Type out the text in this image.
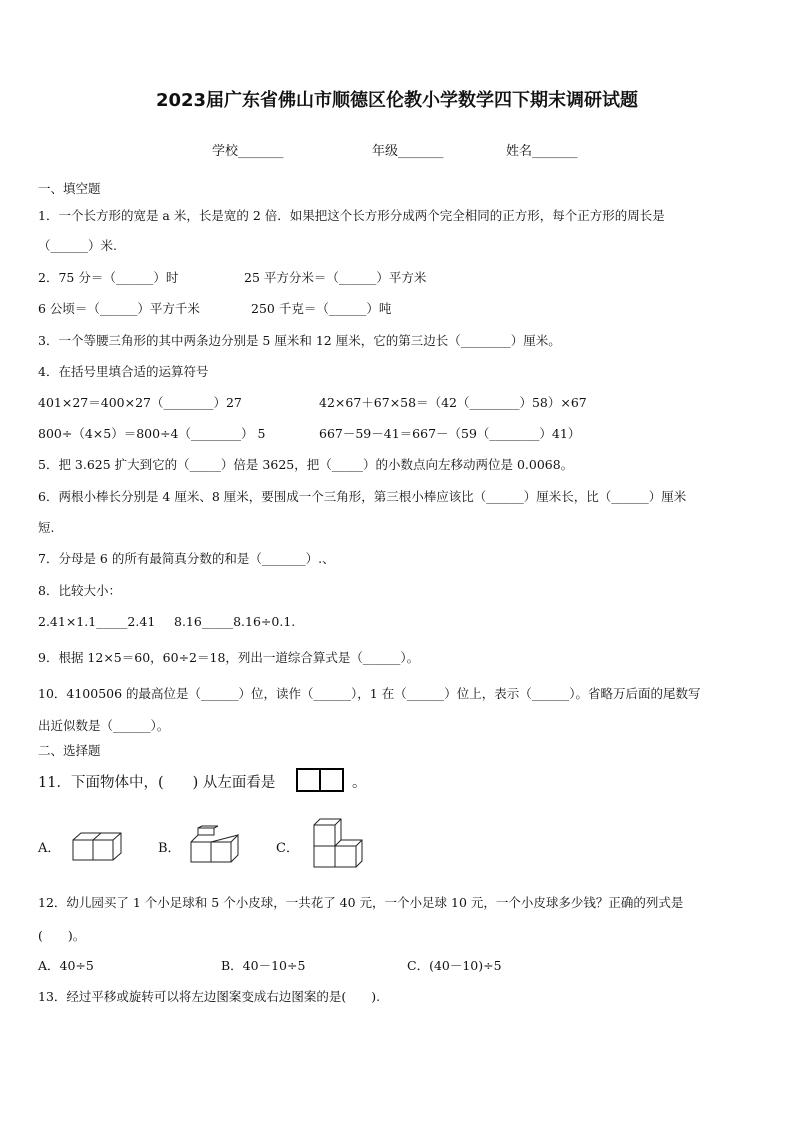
2023届广东省佛山市顺德区伦教小学数学四下期末调研试题
学校_______	年级_______	姓名_______
一、填空题
1．一个长方形的宽是 a 米，长是宽的 2 倍．如果把这个长方形分成两个完全相同的正方形，每个正方形的周长是
（______）米.
2．75 分＝（______）时	25 平方分米＝（______）平方米
6 公顷＝（______）平方千米	250 千克＝（______）吨
3．一个等腰三角形的其中两条边分别是 5 厘米和 12 厘米，它的第三边长（________）厘米。
4．在括号里填合适的运算符号
401×27＝400×27（________）27	42×67＋67×58＝（42（________）58）×67
800÷（4×5）＝800÷4（________） 5	667－59－41＝667－（59（________）41）
5．把 3.625 扩大到它的（_____）倍是 3625，把（_____）的小数点向左移动两位是 0.0068。
6．两根小棒长分别是 4 厘米、8 厘米，要围成一个三角形，第三根小棒应该比（______）厘米长，比（______）厘米
短.
7．分母是 6 的所有最简真分数的和是（_______）.、
8．比较大小：
2.41×1.1_____2.41 8.16_____8.16÷0.1.
9．根据 12×5＝60，60÷2＝18，列出一道综合算式是（______）。
10．4100506 的最高位是（______）位，读作（______），1 在（______）位上，表示（______）。省略万后面的尾数写
出近似数是（______）。
二、选择题
11．下面物体中，(　　) 从左面看是	。
A．	B．	C．
12．幼儿园买了 1 个小足球和 5 个小皮球，一共花了 40 元，一个小足球 10 元，一个小皮球多少钱？正确的列式是
(　　)。
A．40÷5	B．40－10÷5	C．(40－10)÷5
13．经过平移或旋转可以将左边图案变成右边图案的是(　　).
